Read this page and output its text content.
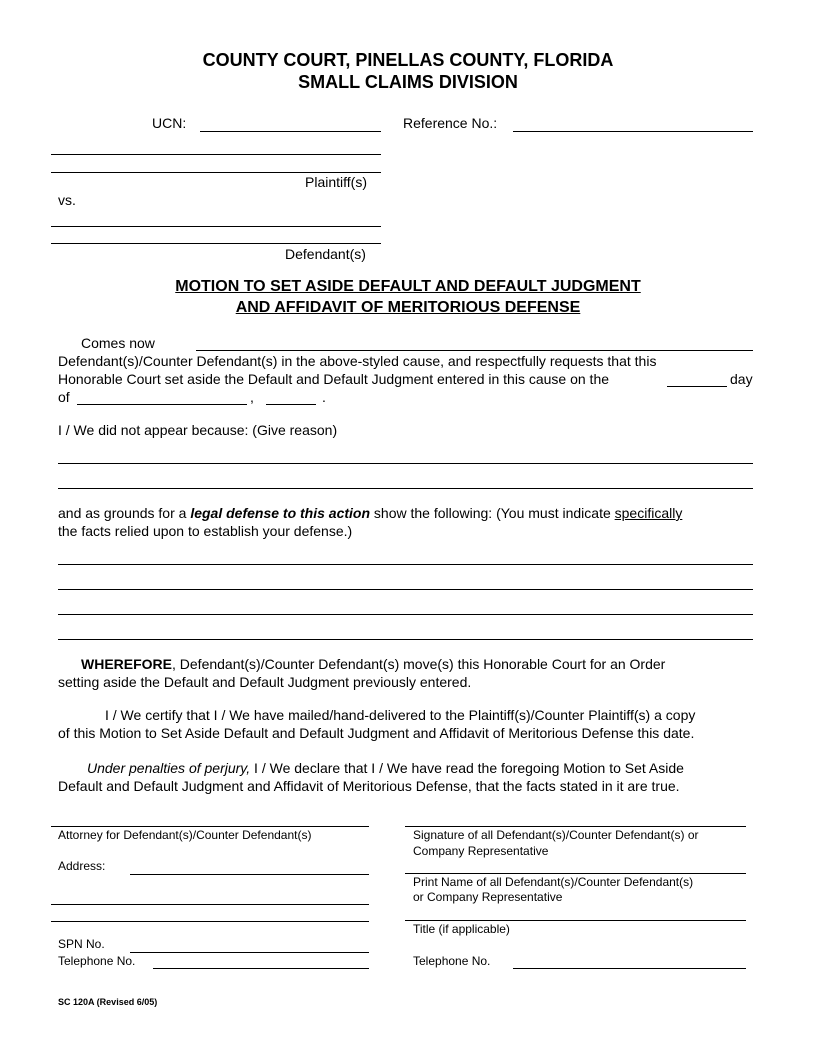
COUNTY COURT, PINELLAS COUNTY, FLORIDA
SMALL CLAIMS DIVISION
UCN:	Reference No.:
Plaintiff(s)
vs.
Defendant(s)
MOTION TO SET ASIDE DEFAULT AND DEFAULT JUDGMENT
AND AFFIDAVIT OF MERITORIOUS DEFENSE
Comes now
Defendant(s)/Counter Defendant(s) in the above-styled cause, and respectfully requests that this
Honorable Court set aside the Default and Default Judgment entered in this cause on the	day
of	,	.
I / We did not appear because: (Give reason)
and as grounds for a legal defense to this action show the following: (You must indicate specifically
the facts relied upon to establish your defense.)
WHEREFORE, Defendant(s)/Counter Defendant(s) move(s) this Honorable Court for an Order
setting aside the Default and Default Judgment previously entered.
I / We certify that I / We have mailed/hand-delivered to the Plaintiff(s)/Counter Plaintiff(s) a copy
of this Motion to Set Aside Default and Default Judgment and Affidavit of Meritorious Defense this date.
Under penalties of perjury, I / We declare that I / We have read the foregoing Motion to Set Aside
Default and Default Judgment and Affidavit of Meritorious Defense, that the facts stated in it are true.
Attorney for Defendant(s)/Counter Defendant(s)
Address:
SPN No.
Telephone No.
Signature of all Defendant(s)/Counter Defendant(s) or
Company Representative
Print Name of all Defendant(s)/Counter Defendant(s)
or Company Representative
Title (if applicable)
Telephone No.
SC 120A (Revised 6/05)
